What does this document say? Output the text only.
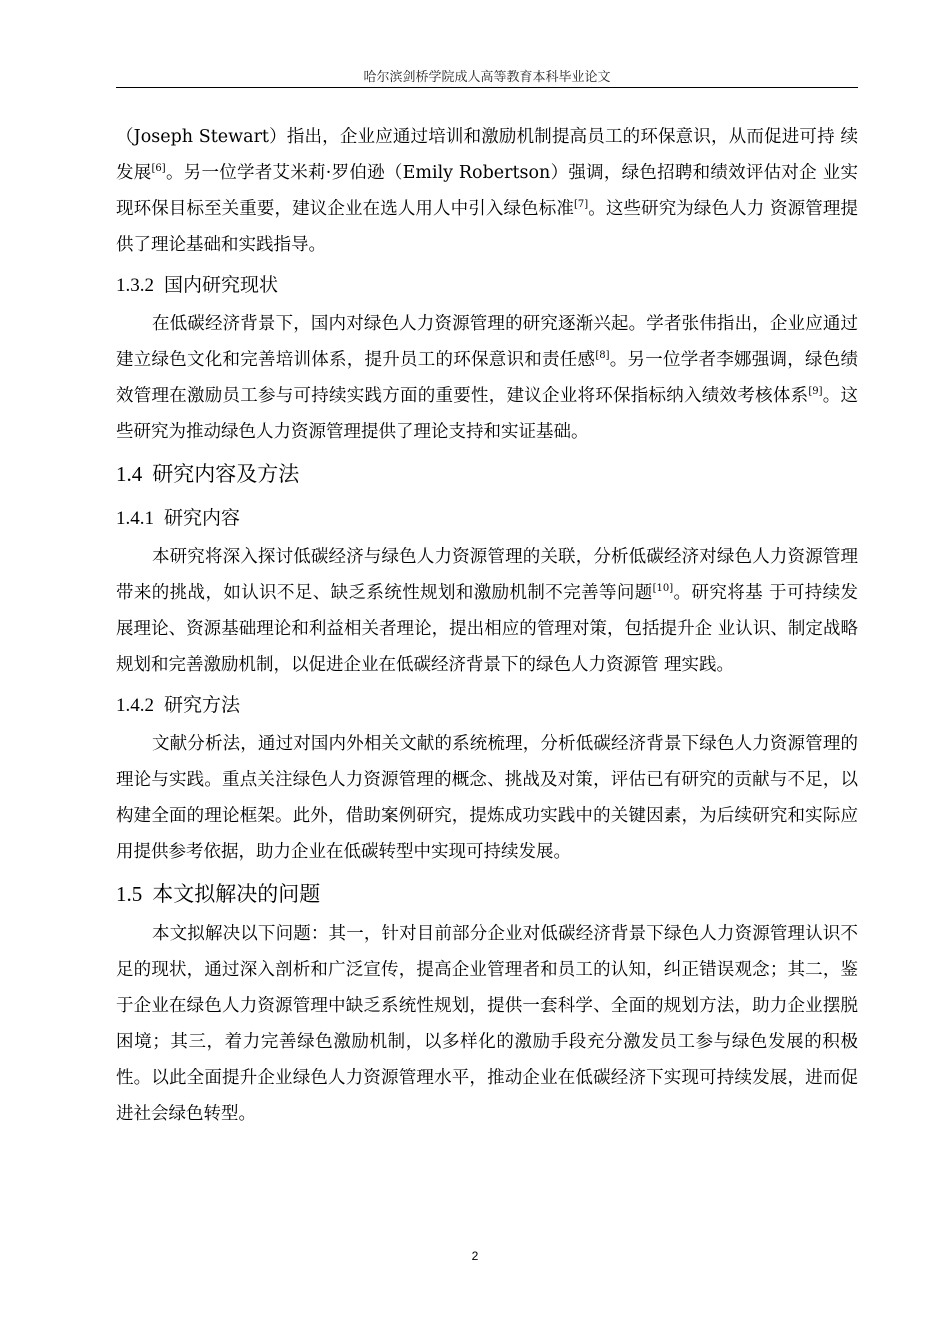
哈尔滨剑桥学院成人高等教育本科毕业论文

（Joseph Stewart）指出，企业应通过培训和激励机制提高员工的环保意识，从而促进可持 续发展[6]。另一位学者艾米莉·罗伯逊（Emily Robertson）强调，绿色招聘和绩效评估对企 业实现环保目标至关重要，建议企业在选人用人中引入绿色标准[7]。这些研究为绿色人力 资源管理提供了理论基础和实践指导。

1.3.2 国内研究现状

在低碳经济背景下，国内对绿色人力资源管理的研究逐渐兴起。学者张伟指出，企业应通过建立绿色文化和完善培训体系，提升员工的环保意识和责任感[8]。另一位学者李娜强调，绿色绩效管理在激励员工参与可持续实践方面的重要性，建议企业将环保指标纳入绩效考核体系[9]。这些研究为推动绿色人力资源管理提供了理论支持和实证基础。

1.4 研究内容及方法
1.4.1 研究内容

本研究将深入探讨低碳经济与绿色人力资源管理的关联，分析低碳经济对绿色人力资源管理带来的挑战，如认识不足、缺乏系统性规划和激励机制不完善等问题[10]。研究将基 于可持续发展理论、资源基础理论和利益相关者理论，提出相应的管理对策，包括提升企 业认识、制定战略规划和完善激励机制，以促进企业在低碳经济背景下的绿色人力资源管 理实践。

1.4.2 研究方法

文献分析法，通过对国内外相关文献的系统梳理，分析低碳经济背景下绿色人力资源管理的理论与实践。重点关注绿色人力资源管理的概念、挑战及对策，评估已有研究的贡献与不足，以构建全面的理论框架。此外，借助案例研究，提炼成功实践中的关键因素，为后续研究和实际应用提供参考依据，助力企业在低碳转型中实现可持续发展。

1.5 本文拟解决的问题

本文拟解决以下问题：其一，针对目前部分企业对低碳经济背景下绿色人力资源管理认识不足的现状，通过深入剖析和广泛宣传，提高企业管理者和员工的认知，纠正错误观念；其二，鉴于企业在绿色人力资源管理中缺乏系统性规划，提供一套科学、全面的规划方法，助力企业摆脱困境；其三，着力完善绿色激励机制，以多样化的激励手段充分激发员工参与绿色发展的积极性。以此全面提升企业绿色人力资源管理水平，推动企业在低碳经济下实现可持续发展，进而促进社会绿色转型。

2
